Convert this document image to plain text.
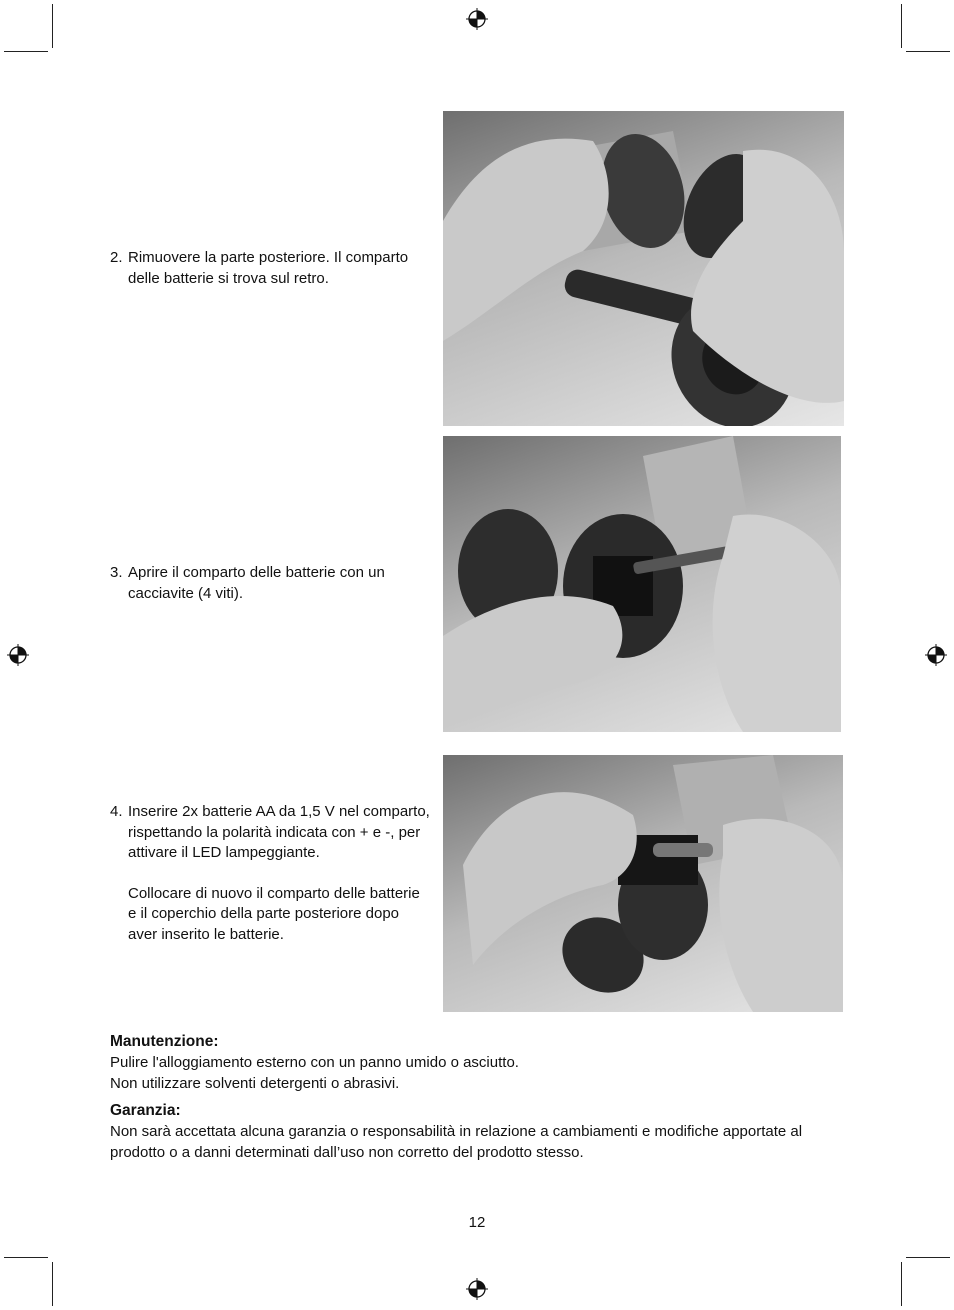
2. Rimuovere la parte posteriore. Il comparto delle batterie si trova sul retro.

3. Aprire il comparto delle batterie con un cacciavite (4 viti).

4. Inserire 2x batterie AA da 1,5 V nel comparto, rispettando la polarità indicata con + e -, per attivare il LED lampeggiante.

Collocare di nuovo il comparto delle batterie e il coperchio della parte posteriore dopo aver inserito le batterie.

Manutenzione:

Pulire l'alloggiamento esterno con un panno umido o asciutto.

Non utilizzare solventi detergenti o abrasivi.

Garanzia:

Non sarà accettata alcuna garanzia o responsabilità in relazione a cambiamenti e modifiche apportate al prodotto o a danni determinati dall’uso non corretto del prodotto stesso.

12
